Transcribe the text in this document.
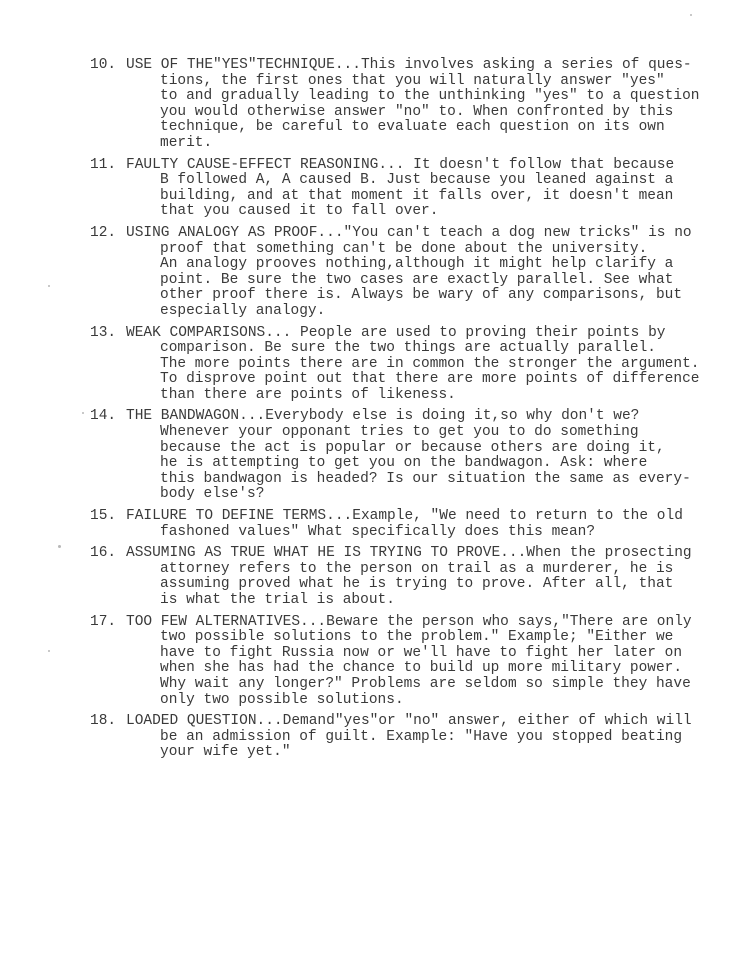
10. USE OF THE"YES"TECHNIQUE...This involves asking a series of ques-
tions, the first ones that you will naturally answer "yes"
to and gradually leading to the unthinking "yes" to a question
you would otherwise answer "no" to. When confronted by this
technique, be careful to evaluate each question on its own
merit.
11. FAULTY CAUSE-EFFECT REASONING... It doesn't follow that because
B followed A, A caused B. Just because you leaned against a
building, and at that moment it falls over, it doesn't mean
that you caused it to fall over.
12. USING ANALOGY AS PROOF..."You can't teach a dog new tricks" is no
proof that something can't be done about the university.
An analogy prooves nothing,although it might help clarify a
point. Be sure the two cases are exactly parallel. See what
other proof there is. Always be wary of any comparisons, but
especially analogy.
13. WEAK COMPARISONS... People are used to proving their points by
comparison. Be sure the two things are actually parallel.
The more points there are in common the stronger the argument.
To disprove point out that there are more points of difference
than there are points of likeness.
14. THE BANDWAGON...Everybody else is doing it,so why don't we?
Whenever your opponant tries to get you to do something
because the act is popular or because others are doing it,
he is attempting to get you on the bandwagon. Ask: where
this bandwagon is headed? Is our situation the same as every-
body else's?
15. FAILURE TO DEFINE TERMS...Example, "We need to return to the old
fashoned values" What specifically does this mean?
16. ASSUMING AS TRUE WHAT HE IS TRYING TO PROVE...When the prosecting
attorney refers to the person on trail as a murderer, he is
assuming proved what he is trying to prove. After all, that
is what the trial is about.
17. TOO FEW ALTERNATIVES...Beware the person who says,"There are only
two possible solutions to the problem." Example; "Either we
have to fight Russia now or we'll have to fight her later on
when she has had the chance to build up more military power.
Why wait any longer?" Problems are seldom so simple they have
only two possible solutions.
18. LOADED QUESTION...Demand"yes"or "no" answer, either of which will
be an admission of guilt. Example: "Have you stopped beating
your wife yet."
